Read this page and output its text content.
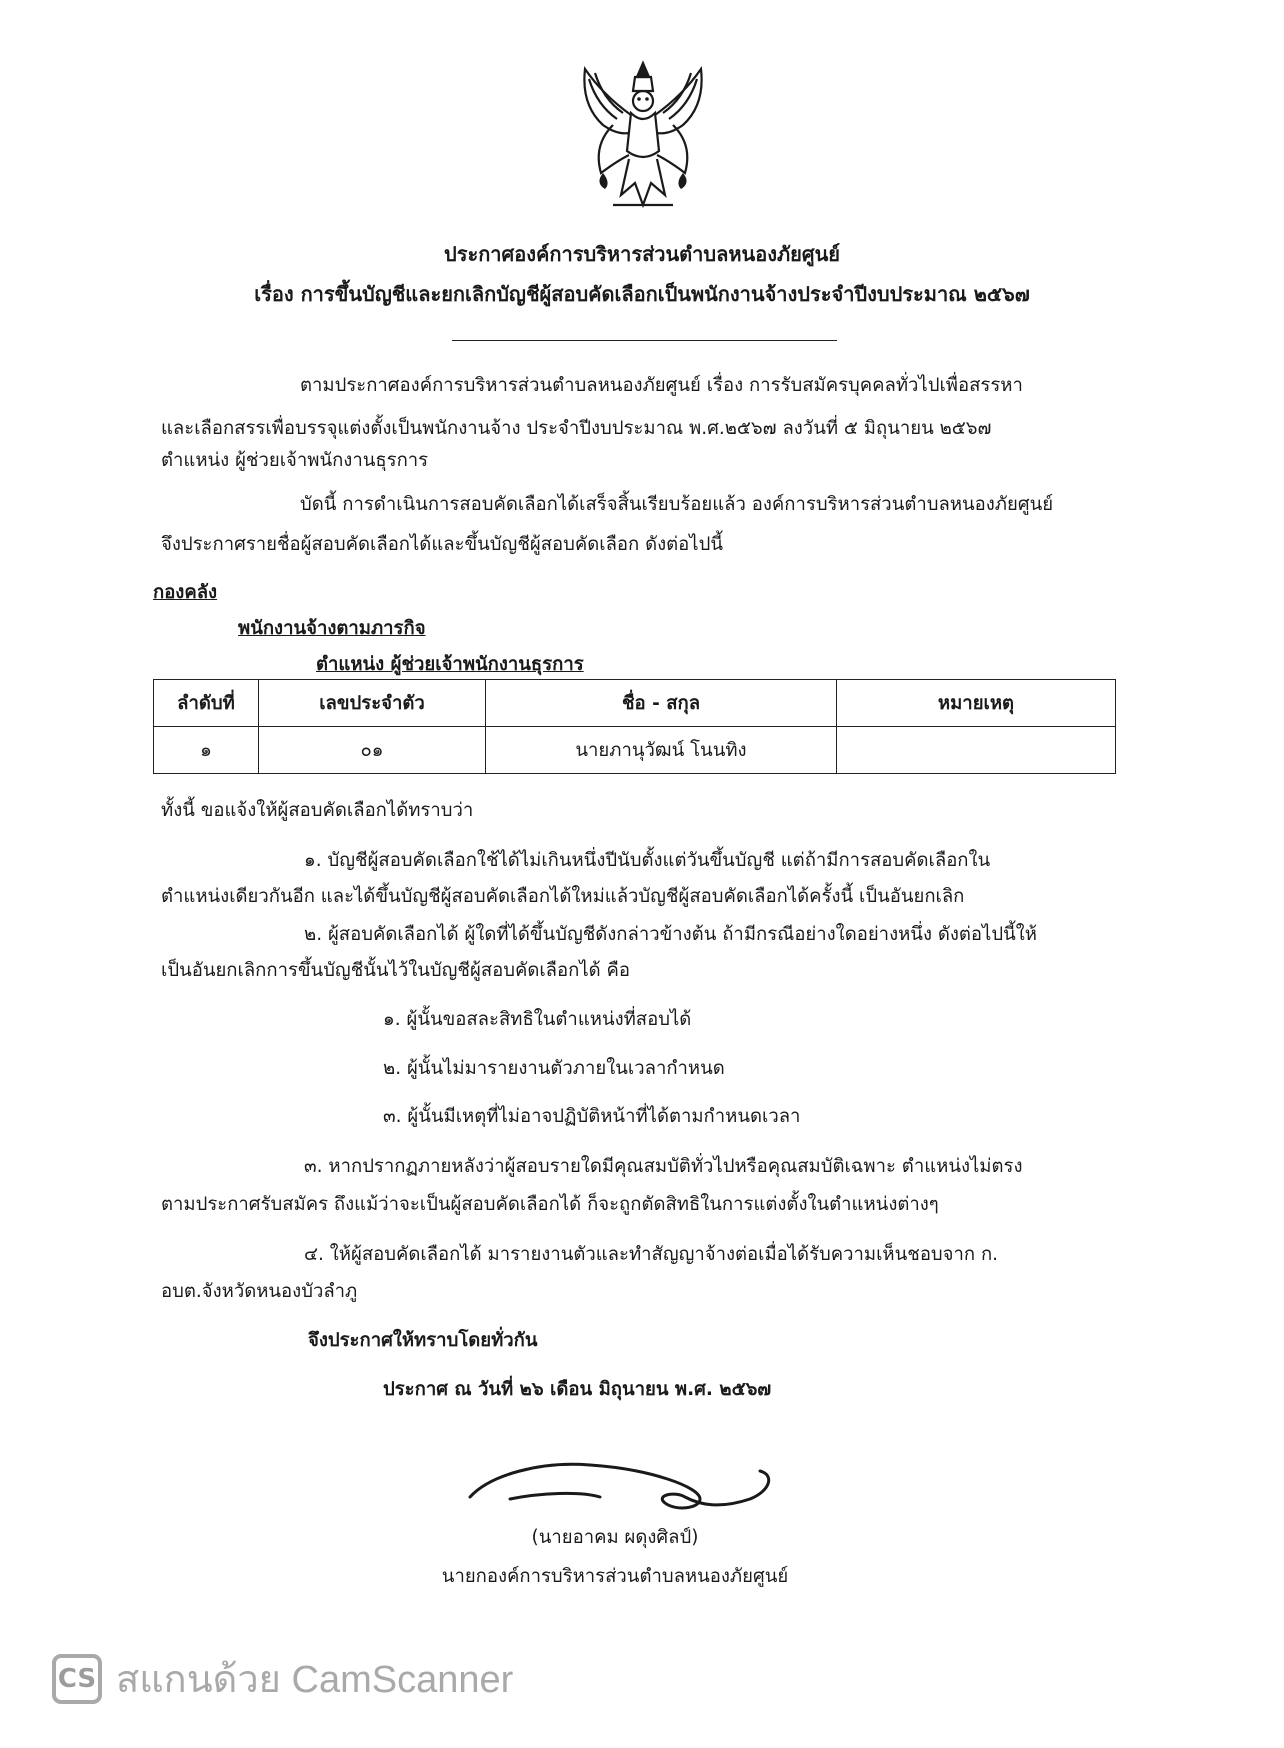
ประกาศองค์การบริหารส่วนตำบลหนองภัยศูนย์
เรื่อง การขึ้นบัญชีและยกเลิกบัญชีผู้สอบคัดเลือกเป็นพนักงานจ้างประจำปีงบประมาณ ๒๕๖๗
ตามประกาศองค์การบริหารส่วนตำบลหนองภัยศูนย์ เรื่อง การรับสมัครบุคคลทั่วไปเพื่อสรรหา
และเลือกสรรเพื่อบรรจุแต่งตั้งเป็นพนักงานจ้าง ประจำปีงบประมาณ พ.ศ.๒๕๖๗ ลงวันที่ ๕ มิถุนายน ๒๕๖๗
ตำแหน่ง ผู้ช่วยเจ้าพนักงานธุรการ
บัดนี้ การดำเนินการสอบคัดเลือกได้เสร็จสิ้นเรียบร้อยแล้ว องค์การบริหารส่วนตำบลหนองภัยศูนย์
จึงประกาศรายชื่อผู้สอบคัดเลือกได้และขึ้นบัญชีผู้สอบคัดเลือก ดังต่อไปนี้
กองคลัง
พนักงานจ้างตามภารกิจ
ตำแหน่ง ผู้ช่วยเจ้าพนักงานธุรการ
ลำดับที่	เลขประจำตัว	ชื่อ - สกุล	หมายเหตุ
๑	๐๑	นายภานุวัฒน์ โนนทิง	
ทั้งนี้ ขอแจ้งให้ผู้สอบคัดเลือกได้ทราบว่า
๑. บัญชีผู้สอบคัดเลือกใช้ได้ไม่เกินหนึ่งปีนับตั้งแต่วันขึ้นบัญชี แต่ถ้ามีการสอบคัดเลือกใน
ตำแหน่งเดียวกันอีก และได้ขึ้นบัญชีผู้สอบคัดเลือกได้ใหม่แล้วบัญชีผู้สอบคัดเลือกได้ครั้งนี้ เป็นอันยกเลิก
๒. ผู้สอบคัดเลือกได้ ผู้ใดที่ได้ขึ้นบัญชีดังกล่าวข้างต้น ถ้ามีกรณีอย่างใดอย่างหนึ่ง ดังต่อไปนี้ให้
เป็นอันยกเลิกการขึ้นบัญชีนั้นไว้ในบัญชีผู้สอบคัดเลือกได้ คือ
๑. ผู้นั้นขอสละสิทธิในตำแหน่งที่สอบได้
๒. ผู้นั้นไม่มารายงานตัวภายในเวลากำหนด
๓. ผู้นั้นมีเหตุที่ไม่อาจปฏิบัติหน้าที่ได้ตามกำหนดเวลา
๓. หากปรากฏภายหลังว่าผู้สอบรายใดมีคุณสมบัติทั่วไปหรือคุณสมบัติเฉพาะ ตำแหน่งไม่ตรง
ตามประกาศรับสมัคร ถึงแม้ว่าจะเป็นผู้สอบคัดเลือกได้ ก็จะถูกตัดสิทธิในการแต่งตั้งในตำแหน่งต่างๆ
๔. ให้ผู้สอบคัดเลือกได้ มารายงานตัวและทำสัญญาจ้างต่อเมื่อได้รับความเห็นชอบจาก ก.
อบต.จังหวัดหนองบัวลำภู
จึงประกาศให้ทราบโดยทั่วกัน
ประกาศ ณ วันที่ ๒๖ เดือน มิถุนายน พ.ศ. ๒๕๖๗
(นายอาคม ผดุงศิลป์)
นายกองค์การบริหารส่วนตำบลหนองภัยศูนย์
CS สแกนด้วย CamScanner
